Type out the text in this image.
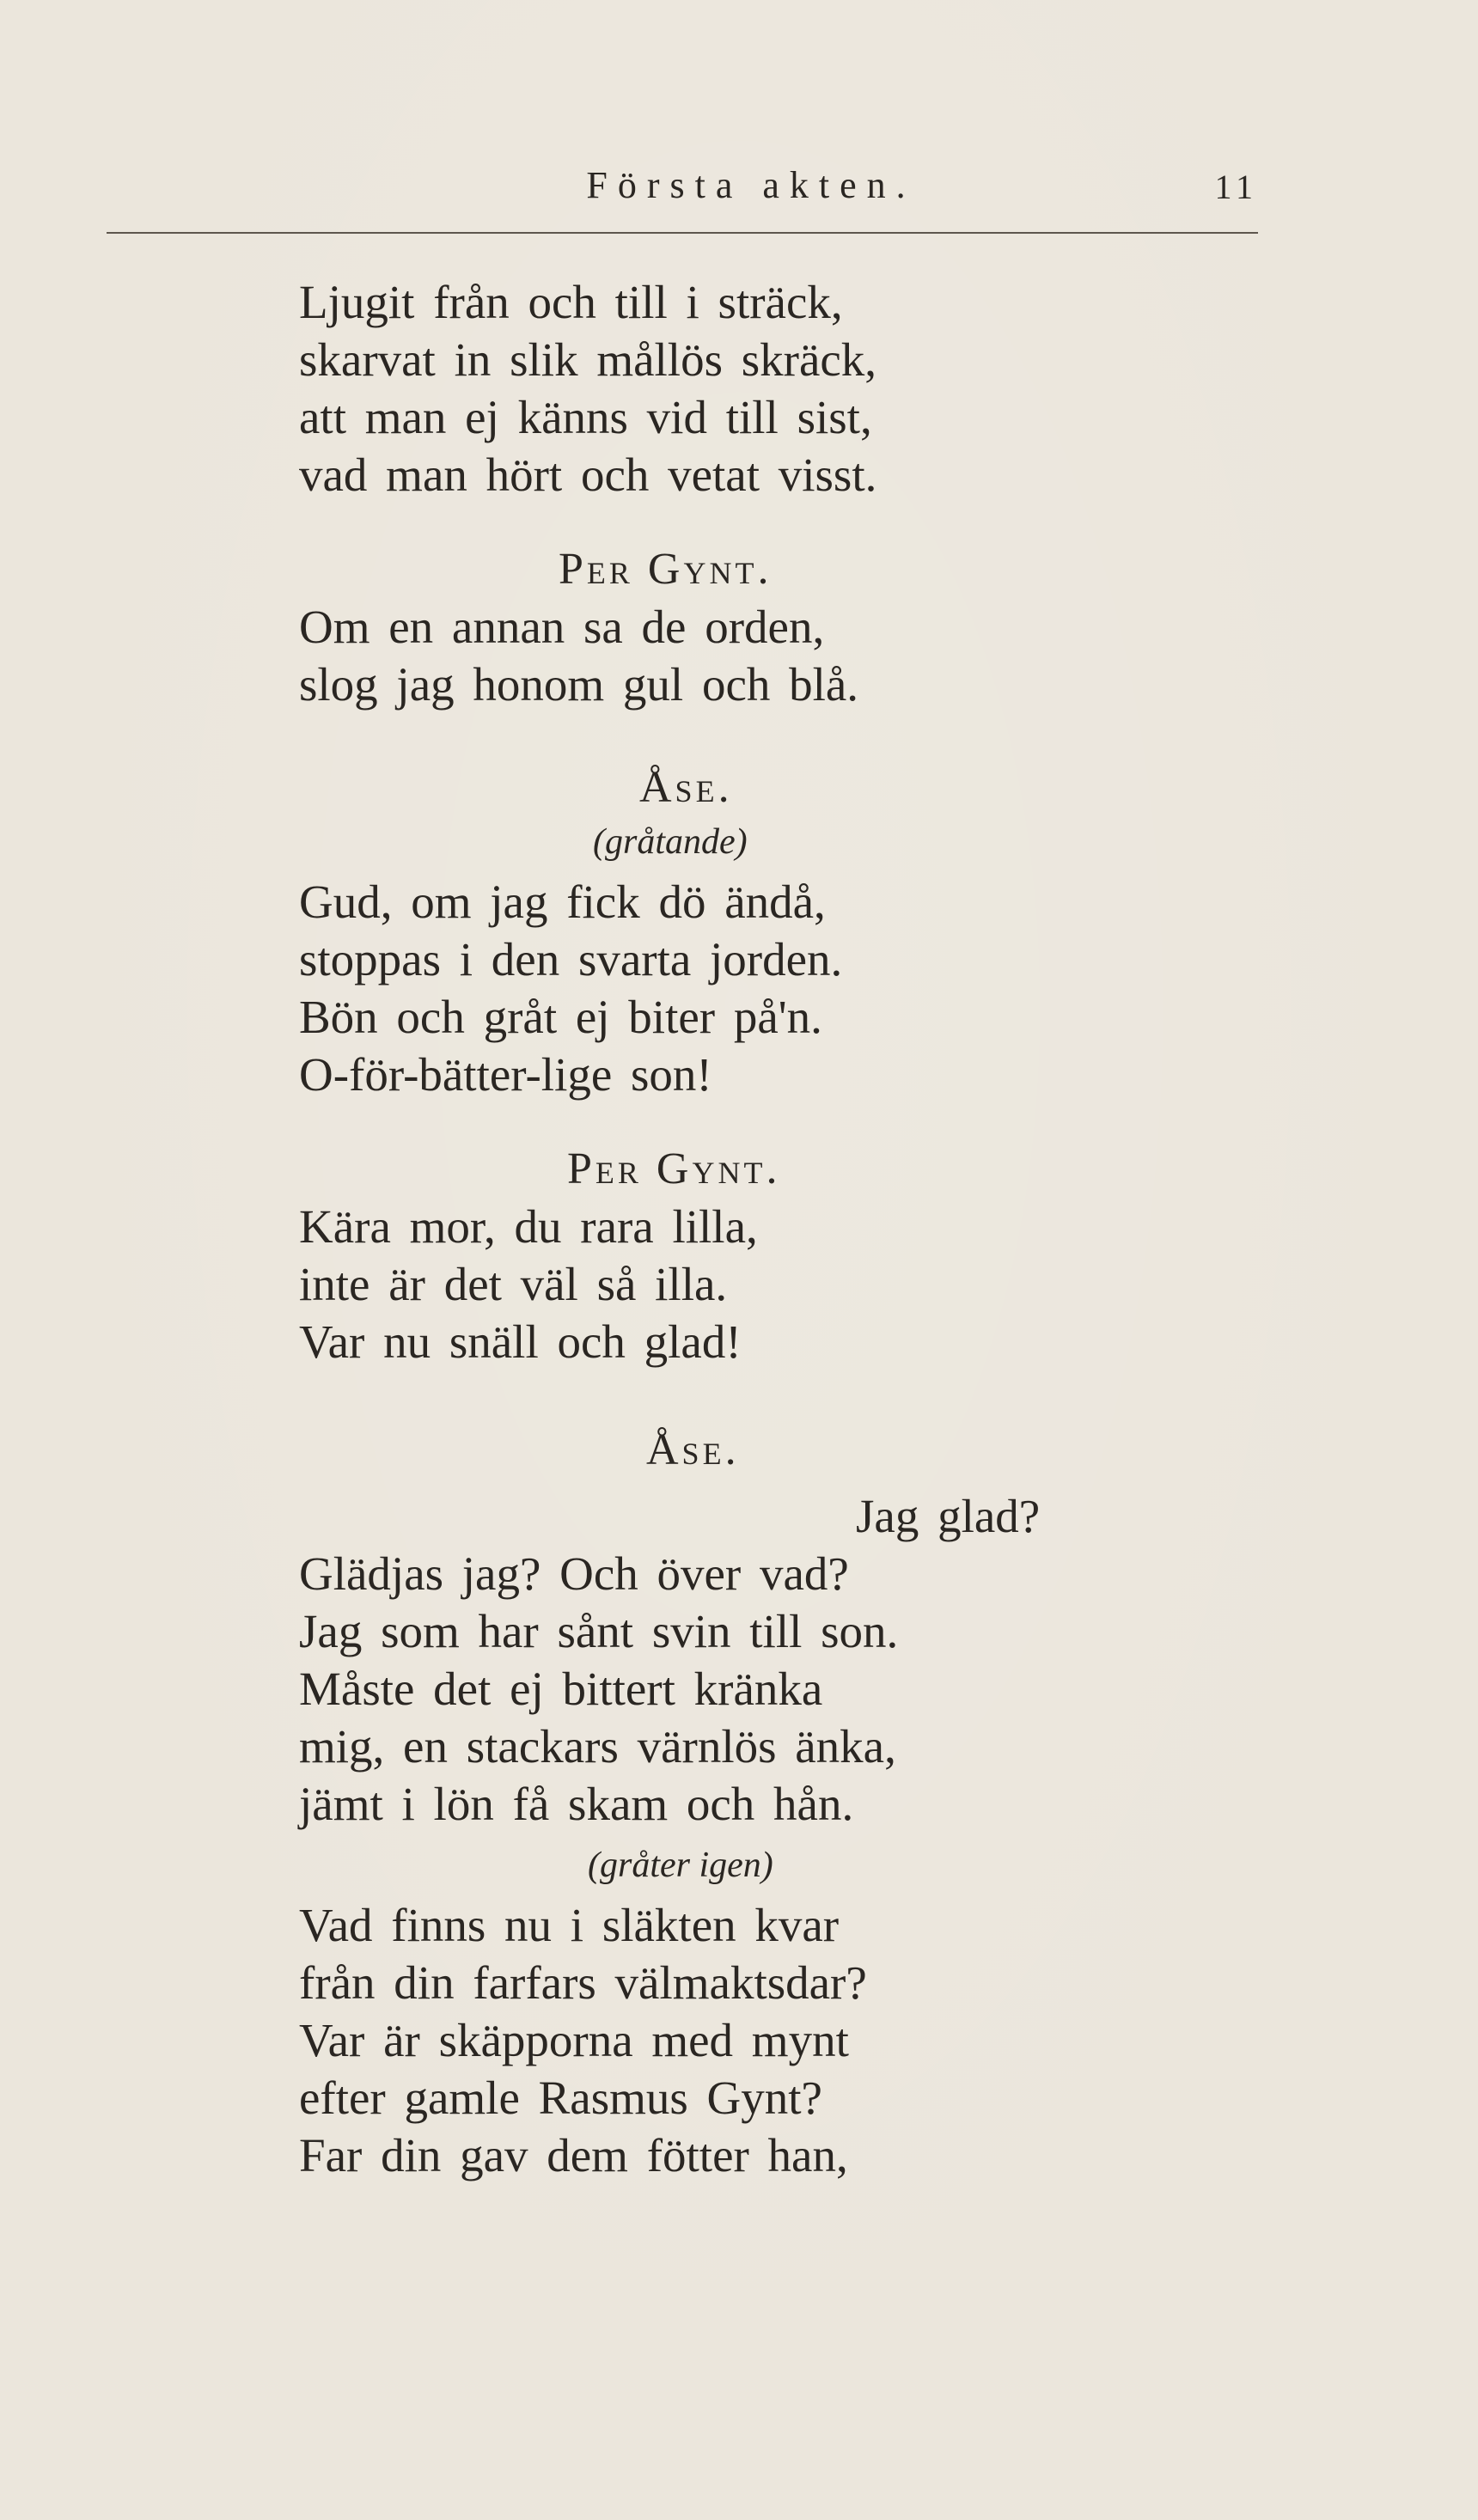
Första akten.	11
Ljugit från och till i sträck,
skarvat in slik mållös skräck,
att man ej känns vid till sist,
vad man hört och vetat visst.
Per Gynt.
Om en annan sa de orden,
slog jag honom gul och blå.
Åse.
(gråtande)
Gud, om jag fick dö ändå,
stoppas i den svarta jorden.
Bön och gråt ej biter på'n.
O-för-bätter-lige son!
Per Gynt.
Kära mor, du rara lilla,
inte är det väl så illa.
Var nu snäll och glad!
Åse.
Jag glad?
Glädjas jag? Och över vad?
Jag som har sånt svin till son.
Måste det ej bittert kränka
mig, en stackars värnlös änka,
jämt i lön få skam och hån.
(gråter igen)
Vad finns nu i släkten kvar
från din farfars välmaktsdar?
Var är skäpporna med mynt
efter gamle Rasmus Gynt?
Far din gav dem fötter han,
